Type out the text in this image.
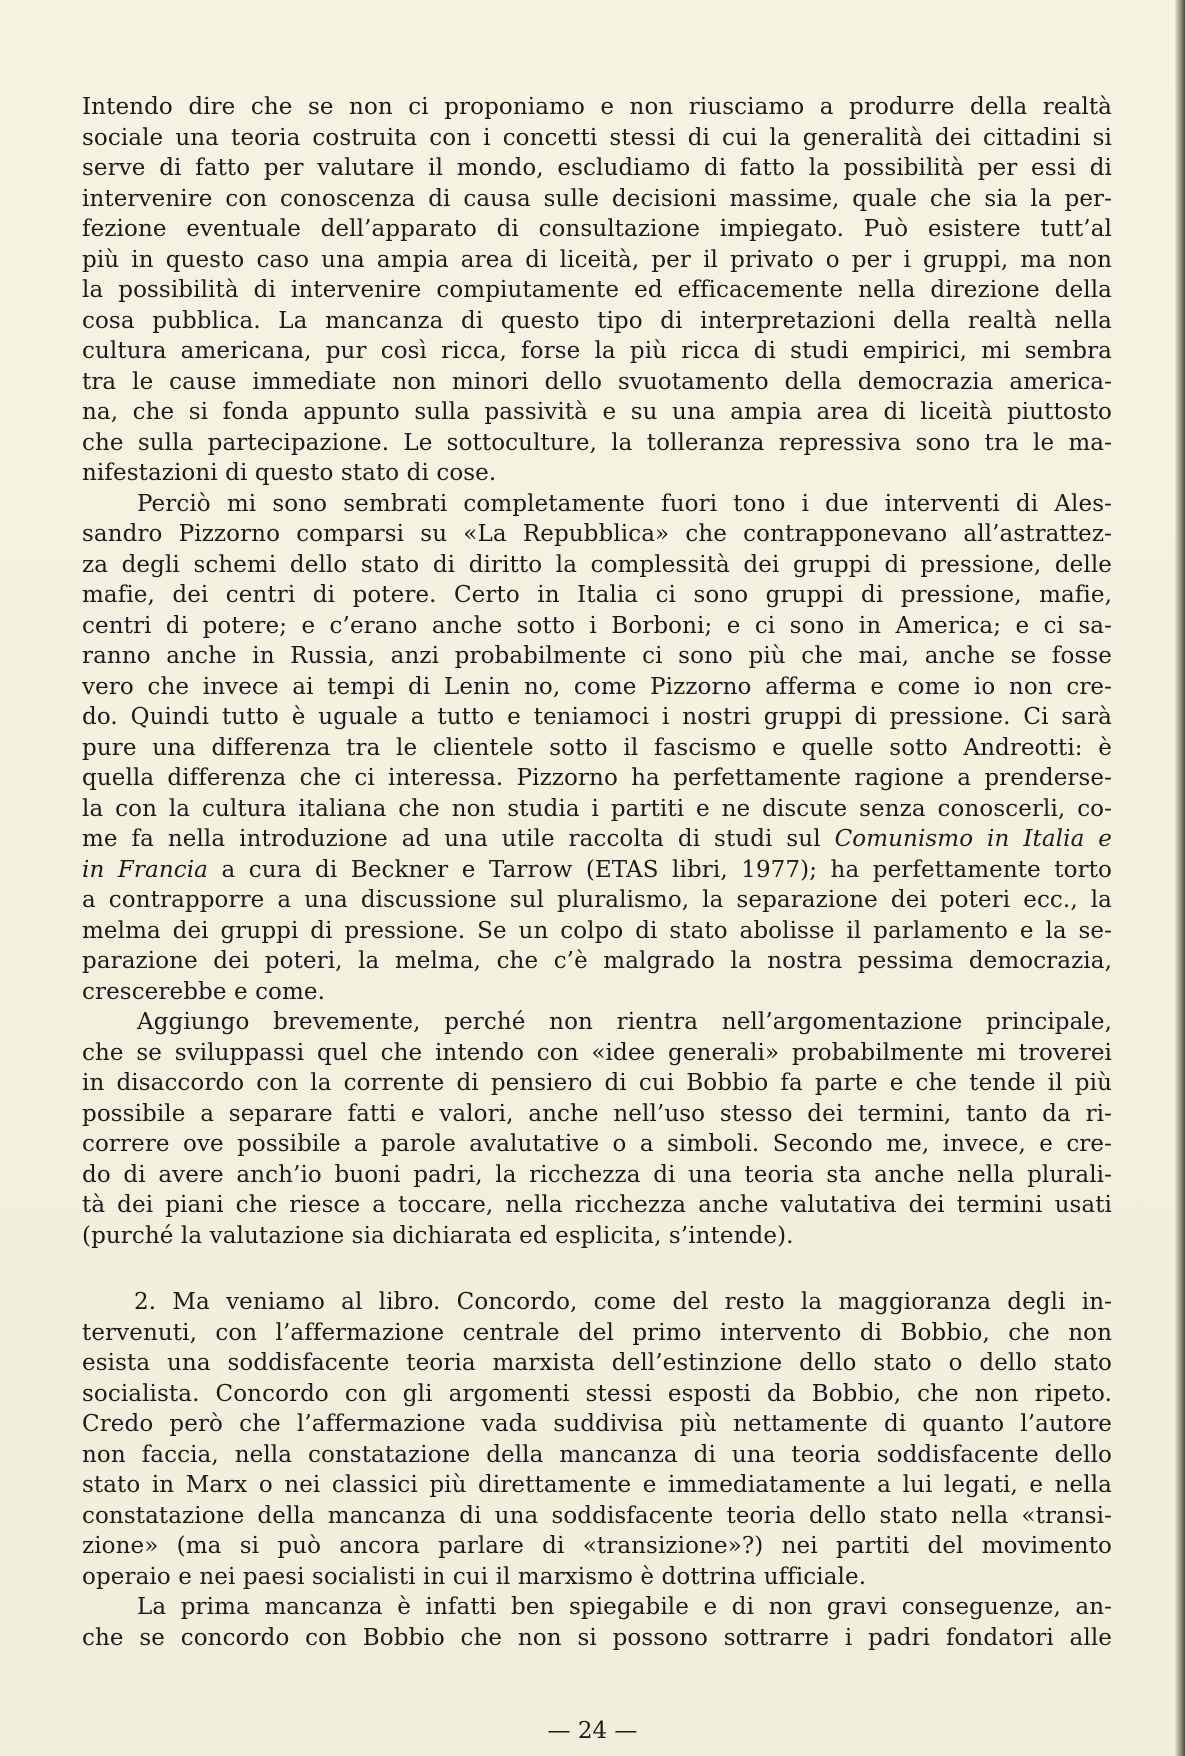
Intendo dire che se non ci proponiamo e non riusciamo a produrre della realtà
sociale una teoria costruita con i concetti stessi di cui la generalità dei cittadini si
serve di fatto per valutare il mondo, escludiamo di fatto la possibilità per essi di
intervenire con conoscenza di causa sulle decisioni massime, quale che sia la per-
fezione eventuale dell’apparato di consultazione impiegato. Può esistere tutt’al
più in questo caso una ampia area di liceità, per il privato o per i gruppi, ma non
la possibilità di intervenire compiutamente ed efficacemente nella direzione della
cosa pubblica. La mancanza di questo tipo di interpretazioni della realtà nella
cultura americana, pur così ricca, forse la più ricca di studi empirici, mi sembra
tra le cause immediate non minori dello svuotamento della democrazia america-
na, che si fonda appunto sulla passività e su una ampia area di liceità piuttosto
che sulla partecipazione. Le sottoculture, la tolleranza repressiva sono tra le ma-
nifestazioni di questo stato di cose.
Perciò mi sono sembrati completamente fuori tono i due interventi di Ales-
sandro Pizzorno comparsi su «La Repubblica» che contrapponevano all’astrattez-
za degli schemi dello stato di diritto la complessità dei gruppi di pressione, delle
mafie, dei centri di potere. Certo in Italia ci sono gruppi di pressione, mafie,
centri di potere; e c’erano anche sotto i Borboni; e ci sono in America; e ci sa-
ranno anche in Russia, anzi probabilmente ci sono più che mai, anche se fosse
vero che invece ai tempi di Lenin no, come Pizzorno afferma e come io non cre-
do. Quindi tutto è uguale a tutto e teniamoci i nostri gruppi di pressione. Ci sarà
pure una differenza tra le clientele sotto il fascismo e quelle sotto Andreotti: è
quella differenza che ci interessa. Pizzorno ha perfettamente ragione a prenderse-
la con la cultura italiana che non studia i partiti e ne discute senza conoscerli, co-
me fa nella introduzione ad una utile raccolta di studi sul Comunismo in Italia e
in Francia a cura di Beckner e Tarrow (ETAS libri, 1977); ha perfettamente torto
a contrapporre a una discussione sul pluralismo, la separazione dei poteri ecc., la
melma dei gruppi di pressione. Se un colpo di stato abolisse il parlamento e la se-
parazione dei poteri, la melma, che c’è malgrado la nostra pessima democrazia,
crescerebbe e come.
Aggiungo brevemente, perché non rientra nell’argomentazione principale,
che se sviluppassi quel che intendo con «idee generali» probabilmente mi troverei
in disaccordo con la corrente di pensiero di cui Bobbio fa parte e che tende il più
possibile a separare fatti e valori, anche nell’uso stesso dei termini, tanto da ri-
correre ove possibile a parole avalutative o a simboli. Secondo me, invece, e cre-
do di avere anch’io buoni padri, la ricchezza di una teoria sta anche nella plurali-
tà dei piani che riesce a toccare, nella ricchezza anche valutativa dei termini usati
(purché la valutazione sia dichiarata ed esplicita, s’intende).
2. Ma veniamo al libro. Concordo, come del resto la maggioranza degli in-
tervenuti, con l’affermazione centrale del primo intervento di Bobbio, che non
esista una soddisfacente teoria marxista dell’estinzione dello stato o dello stato
socialista. Concordo con gli argomenti stessi esposti da Bobbio, che non ripeto.
Credo però che l’affermazione vada suddivisa più nettamente di quanto l’autore
non faccia, nella constatazione della mancanza di una teoria soddisfacente dello
stato in Marx o nei classici più direttamente e immediatamente a lui legati, e nella
constatazione della mancanza di una soddisfacente teoria dello stato nella «transi-
zione» (ma si può ancora parlare di «transizione»?) nei partiti del movimento
operaio e nei paesi socialisti in cui il marxismo è dottrina ufficiale.
La prima mancanza è infatti ben spiegabile e di non gravi conseguenze, an-
che se concordo con Bobbio che non si possono sottrarre i padri fondatori alle
— 24 —
